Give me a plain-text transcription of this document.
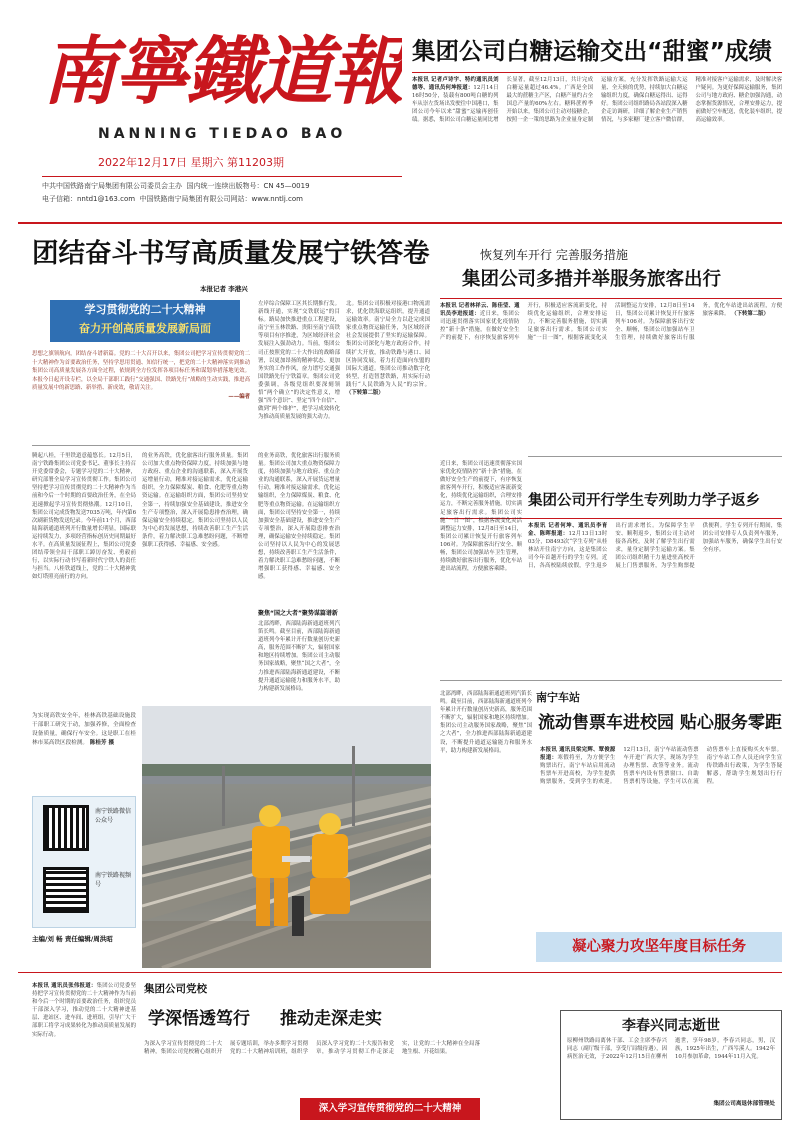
南寧鐵道報
NANNING TIEDAO BAO
2022年12月17日 星期六 第11203期
中共中国铁路南宁局集团有限公司委员会主办 国内统一连续出版物号：CN 45—0019
电子信箱：nntd1@163.com 中国铁路南宁局集团有限公司网站：www.nntlj.com
集团公司白糖运输交出“甜蜜”成绩
本报讯 记者卢诗宇、特约通讯员刘德等、通讯员何坤报道：12月14日16时50分，装载有800吨白糖的列车从崇左货场出发驶往中国港口，集团公司今年以来“甜蜜”运输再创佳绩。据悉，集团公司白糖运量同比增长显著，截至12月13日，共计完成白糖运量超过46.4%。广西是全国最大的蔗糖主产区，白糖产量约占全国总产量的60%左右。糖料蔗榨季开始以来，集团公司主动对接糖企，按照一企一策的思路为企业量身定制运输方案，充分发挥铁路运输大运量、全天候的优势，持续加大白糖运输组织力度，确保白糖运得出、运得好。集团公司组织路局各站段深入糖企走访调研，详细了解企业生产销售情况，与多家糖厂建立客户微信群，精准对接客户运输需求，及时解决客户疑问。为更好保障运输服务，集团公司与地方政府、糖企加强沟通，动态掌握货源情况，合理安排运力，提前做好空车配送，优化装车组织，提高运输效率。
团结奋斗书写高质量发展宁铁答卷
本报记者 李港兴
学习贯彻党的二十大精神
奋力开创高质量发展新局面
思想之旗领航向，团结奋斗谱新篇。党的二十大召开以来，集团公司把学习宣传贯彻党的二十大精神作为首要政治任务，坚持学思用贯通、知信行统一，把党的二十大精神落实到推动集团公司高质量发展各方面全过程，依规到全方位发挥各项目标任务和谋划举措落地见效。本报今日起开设专栏，以全局干部职工践行“交通强国、铁路先行”战略的生动实践，推进高质量发展中的新思路、新举措、新成效，敬请关注。
——编者
腾起八桂，千里铁道意蕴悠长。12月5日，南宁铁路集团公司党委书记、董事长主持召开党委常委会，专题学习党的二十大精神，研究部署全局学习宣传贯彻工作。集团公司坚持把学习宣传贯彻党的二十大精神作为当前和今后一个时期的首要政治任务，在全局迅速掀起学习宣传贯彻热潮。12月10日，集团公司完成货物发送7035万吨，年内第6次刷新货物发送纪录。今年前11个月，西部陆海新通道班列开行数量增长明显，国际联运持续发力，多项经营指标创历史同期最好水平。在高质量发展征程上，集团公司党委团结带领全局干部职工踔厉奋发、勇毅前行，以实际行动书写着新时代宁铁人的责任与担当。八桂铁道线上，党的二十大精神犹如灯塔照亮前行的方向。
的业务高铁，优化旅客出行服务质量。集团公司加大重点物资保障力度，持续加强与地方政府、重点企业的沟通联系，深入开展货运增量行动，精准对接运输需求，优化运输组织，全力保障煤炭、粮食、化肥等重点物资运输。在运输组织方面，集团公司坚持安全第一，持续加强安全基础建设，推进安全生产专项整治，深入开展隐患排查治理，确保运输安全持续稳定。集团公司坚持以人民为中心的发展思想，持续改善职工生产生活条件，着力解决职工急难愁盼问题，不断增强职工获得感、幸福感、安全感。
左岸综合保障工区其长期推行发。新线开通，实现“交铁联运”的目标。路局加快推进重点工程建设，南宁至玉林铁路、贵阳至南宁高铁等项目有序推进，为区域经济社会发展注入强劲动力。当前，集团公司正按照党的二十大作出的战略部署，以更加昂扬的精神状态、更加务实的工作作风，奋力谱写交通强国铁路先行宁铁篇章。集团公司党委强调，各级党组织要深刻领悟“两个确立”的决定性意义，增强“四个意识”、坚定“四个自信”、做到“两个维护”，把学习成效转化为推动高质量发展的强大动力。
的业务高铁，优化旅客出行服务质量。集团公司加大重点物资保障力度，持续加强与地方政府、重点企业的沟通联系，深入开展货运增量行动，精准对接运输需求，优化运输组织，全力保障煤炭、粮食、化肥等重点物资运输。在运输组织方面，集团公司坚持安全第一，持续加强安全基础建设，推进安全生产专项整治，深入开展隐患排查治理，确保运输安全持续稳定。集团公司坚持以人民为中心的发展思想，持续改善职工生产生活条件，着力解决职工急难愁盼问题，不断增强职工获得感、幸福感、安全感。
聚焦“国之大者”聚势谋篇谱新
北部湾畔，西部陆海新通道班列汽笛长鸣。截至目前，西部陆海新通道班列今年累计开行数量创历史新高，服务范围不断扩大，辐射国家和地区持续增加。集团公司主动服务国家战略，聚焦“国之大者”，全力推进西部陆海新通道建设，不断提升通道运输能力和服务水平，助力构建新发展格局。
北。集团公司积极对接港口物流需求，优化铁海联运组织，提升通道运输效率。南宁局全力以赴完成国家重点物资运输任务，为区域经济社会发展提供了坚实的运输保障。集团公司深化与地方政府合作，持续扩大开放，推动铁路与港口、园区协同发展，着力打造面向东盟的国际大通道。集团公司推动数字化转型，打造智慧铁路，用实际行动践行“人民铁路为人民”的宗旨。 （下转第二版）
为实现高铁安全年，桂林高铁基础设施段干部职工研究于动，加强养修，全面检查设备质量，确保行车安全。这是职工在桂林市某高铁区段检测。 陈桂芳 摄
南宁铁路微信公众号
南宁铁路视频号
主编/刘 畅 责任编辑/周洪昭
恢复列车开行 完善服务措施
集团公司多措并举服务旅客出行
本报讯 记者林祥云、陈佳莹、通讯员李进报道：近日来，集团公司迅速贯彻落实国家优化疫情防控“新十条”措施，在做好安全生产的前提下，有序恢复旅客列车开行，积极适应客流新变化，持续优化运输组织，合理安排运力，不断完善服务措施，切实满足旅客出行需求。集团公司实施“一日一图”，根据客流变化灵活调整运力安排，12月8日至14日，集团公司累计恢复开行旅客列车106对。为保障旅客出行安全、顺畅，集团公司加强站车卫生管理，持续做好旅客出行服务，优化车站进出站流程，方便旅客乘降。 （下转第二版）
集团公司开行学生专列助力学子返乡
本报讯 记者何坤、通讯员李育金、陈晖报道：12月13日13时03分，D8493次“学生专列”从桂林站开往南宁方向，这是集团公司今年首趟开行的学生专列。近日，各高校陆续放假，学生返乡出行需求增长。为保障学生平安、顺利返乡，集团公司主动对接各高校，及时了解学生出行需求，量身定制学生运输方案。集团公司组织精干力量进驻高校开展上门售票服务，为学生购票提供便利。学生专列开行期间，集团公司安排专人负责列车服务，加强站车服务，确保学生出行安全有序。
近日来，集团公司迅速贯彻落实国家优化疫情防控“新十条”措施，在做好安全生产的前提下，有序恢复旅客列车开行，积极适应客流新变化，持续优化运输组织，合理安排运力，不断完善服务措施，切实满足旅客出行需求。集团公司实施“一日一图”，根据客流变化灵活调整运力安排，12月8日至14日，集团公司累计恢复开行旅客列车106对。为保障旅客出行安全、顺畅，集团公司加强站车卫生管理，持续做好旅客出行服务，优化车站进出站流程，方便旅客乘降。
南宁车站
流动售票车进校园 贴心服务零距
本报讯 通讯员梁完辉、覃俊源报道：寒假将至，为方便学生购票出行，南宁车站启用流动售票车开进高校，为学生提供购票服务，受到学生的欢迎。12月13日，南宁车站流动售票车开进广西大学，现场为学生办理售票、改签等业务。流动售票车内设有售票窗口、自助售票机等设施，学生可以在流动售票车上直接购买火车票。南宁车站工作人员还向学生宣传铁路出行政策，为学生答疑解惑，帮助学生规划出行行程。
北部湾畔，西部陆海新通道班列汽笛长鸣。截至目前，西部陆海新通道班列今年累计开行数量创历史新高，服务范围不断扩大，辐射国家和地区持续增加。集团公司主动服务国家战略，聚焦“国之大者”，全力推进西部陆海新通道建设，不断提升通道运输能力和服务水平，助力构建新发展格局。
凝心聚力攻坚年度目标任务
本报讯 通讯员张伟报道：集团公司党委坚持把学习宣传贯彻党的二十大精神作为当前和今后一个时期的首要政治任务，组织党员干部深入学习，推动党的二十大精神进基层、进站区、进车间、进班组，引导广大干部职工将学习成果转化为推动高质量发展的实际行动。
集团公司党校
学深悟透笃行	推动走深走实
为深入学习宣传贯彻党的二十大精神，集团公司党校精心组织开展专题培训，举办多期学习贯彻党的二十大精神培训班，组织学员深入学习党的二十大报告和党章，推动学习贯彻工作走深走实，让党的二十大精神在全局落地生根、开花结果。
深入学习宣传贯彻党的二十大精神
李春兴同志逝世
原柳州铁路局离休干部、工会主席李春兴同志（副厅级干部，享受厅局级待遇），因病医治无效，于2022年12月15日在柳州逝世，享年98岁。李春兴同志，男，汉族，1925年出生，广西岑溪人。1942年10月参加革命，1944年11月入党。
集团公司离退休部管理处
